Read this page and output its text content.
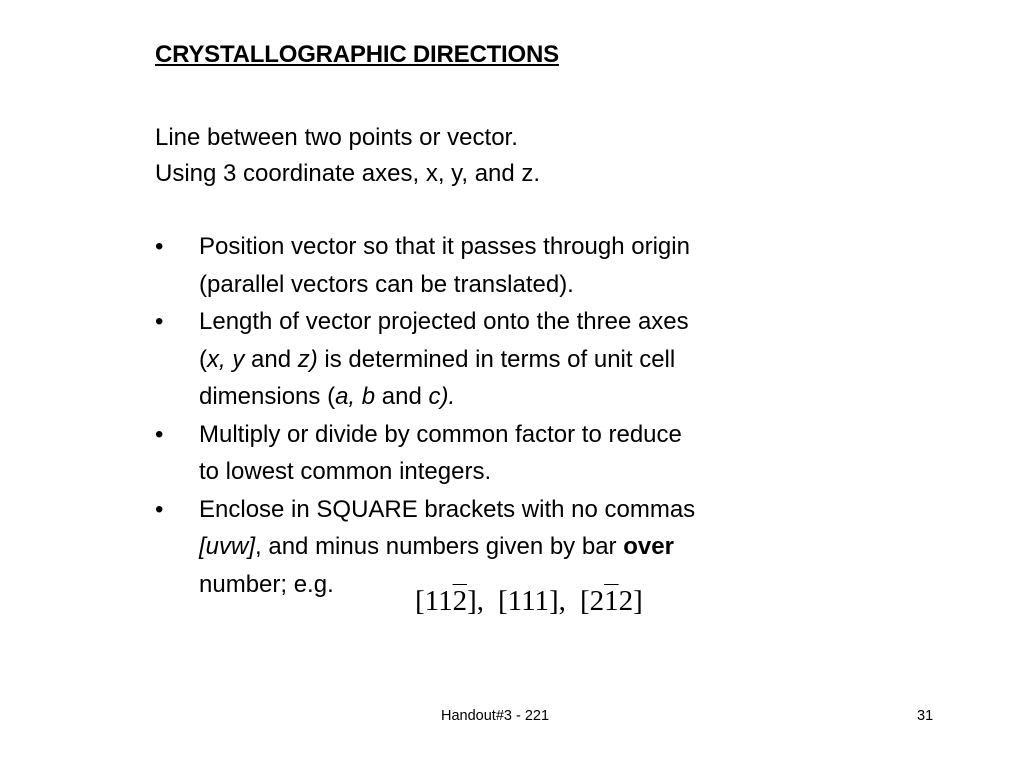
CRYSTALLOGRAPHIC DIRECTIONS
Line between two points or vector.
Using 3 coordinate axes, x, y, and z.
• Position vector so that it passes through origin
(parallel vectors can be translated).
• Length of vector projected onto the three axes
(x, y and z) is determined in terms of unit cell
dimensions (a, b and c).
• Multiply or divide by common factor to reduce
to lowest common integers.
• Enclose in SQUARE brackets with no commas
[uvw], and minus numbers given by bar over
number; e.g.
[112], [111], [212]
Handout#3 - 221	31
